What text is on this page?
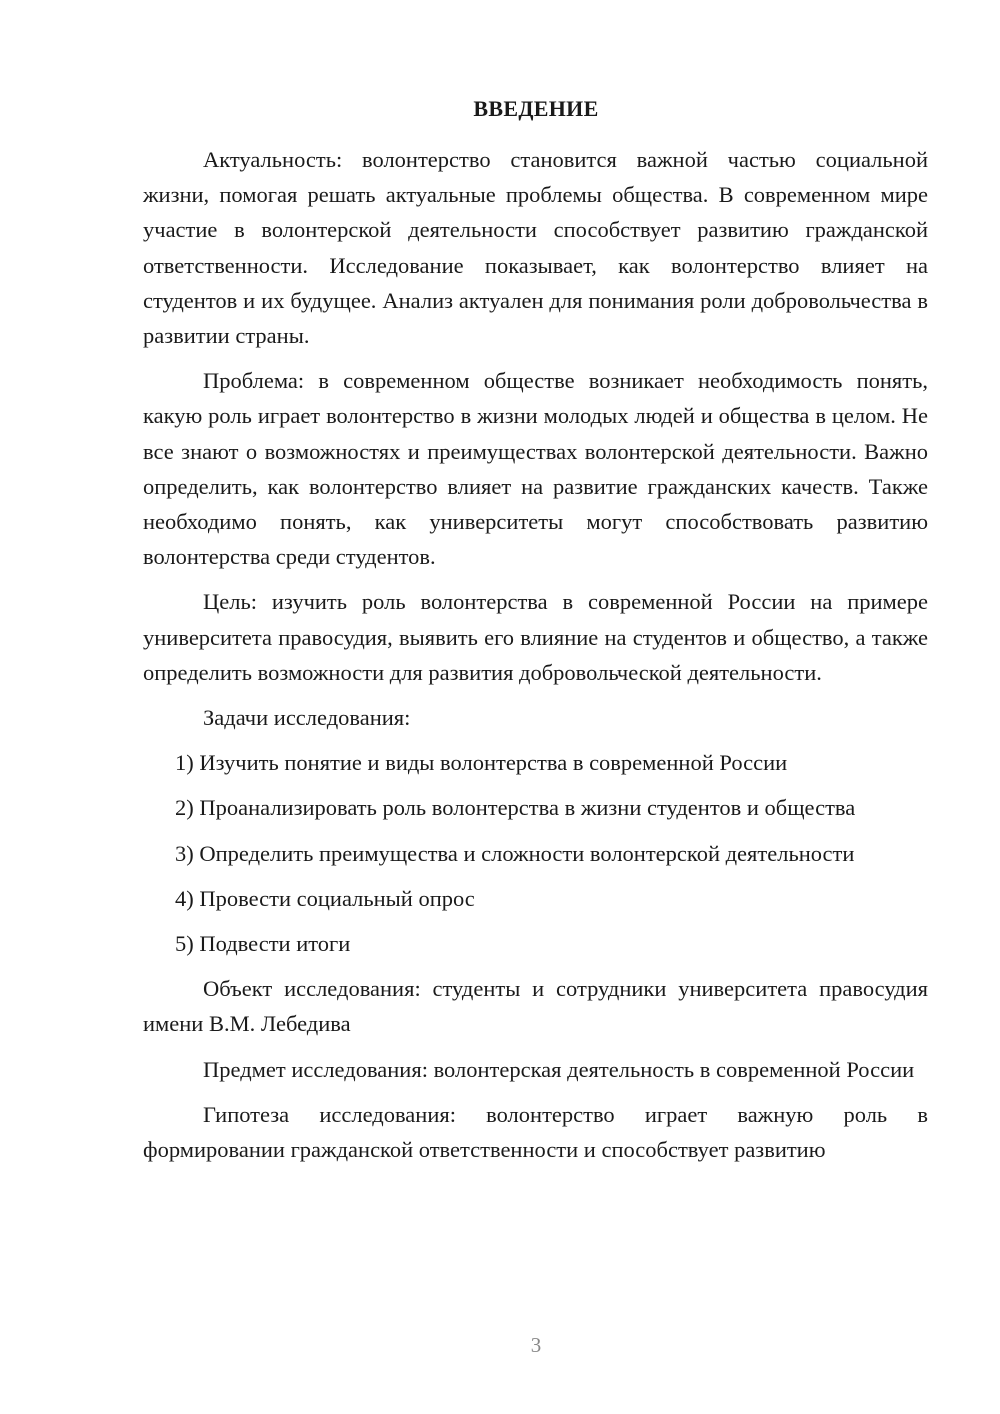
ВВЕДЕНИЕ

Актуальность: волонтерство становится важной частью социальной жизни, помогая решать актуальные проблемы общества. В современном мире участие в волонтерской деятельности способствует развитию гражданской ответственности. Исследование показывает, как волонтерство влияет на студентов и их будущее. Анализ актуален для понимания роли добровольчества в развитии страны.

Проблема: в современном обществе возникает необходимость понять, какую роль играет волонтерство в жизни молодых людей и общества в целом. Не все знают о возможностях и преимуществах волонтерской деятельности. Важно определить, как волонтерство влияет на развитие гражданских качеств. Также необходимо понять, как университеты могут способствовать развитию волонтерства среди студентов.

Цель: изучить роль волонтерства в современной России на примере университета правосудия, выявить его влияние на студентов и общество, а также определить возможности для развития добровольческой деятельности.

Задачи исследования:

1) Изучить понятие и виды волонтерства в современной России

2) Проанализировать роль волонтерства в жизни студентов и общества

3) Определить преимущества и сложности волонтерской деятельности

4) Провести социальный опрос

5) Подвести итоги

Объект исследования: студенты и сотрудники университета правосудия имени В.М. Лебедива

Предмет исследования: волонтерская деятельность в современной России

Гипотеза исследования: волонтерство играет важную роль в формировании гражданской ответственности и способствует развитию

3
